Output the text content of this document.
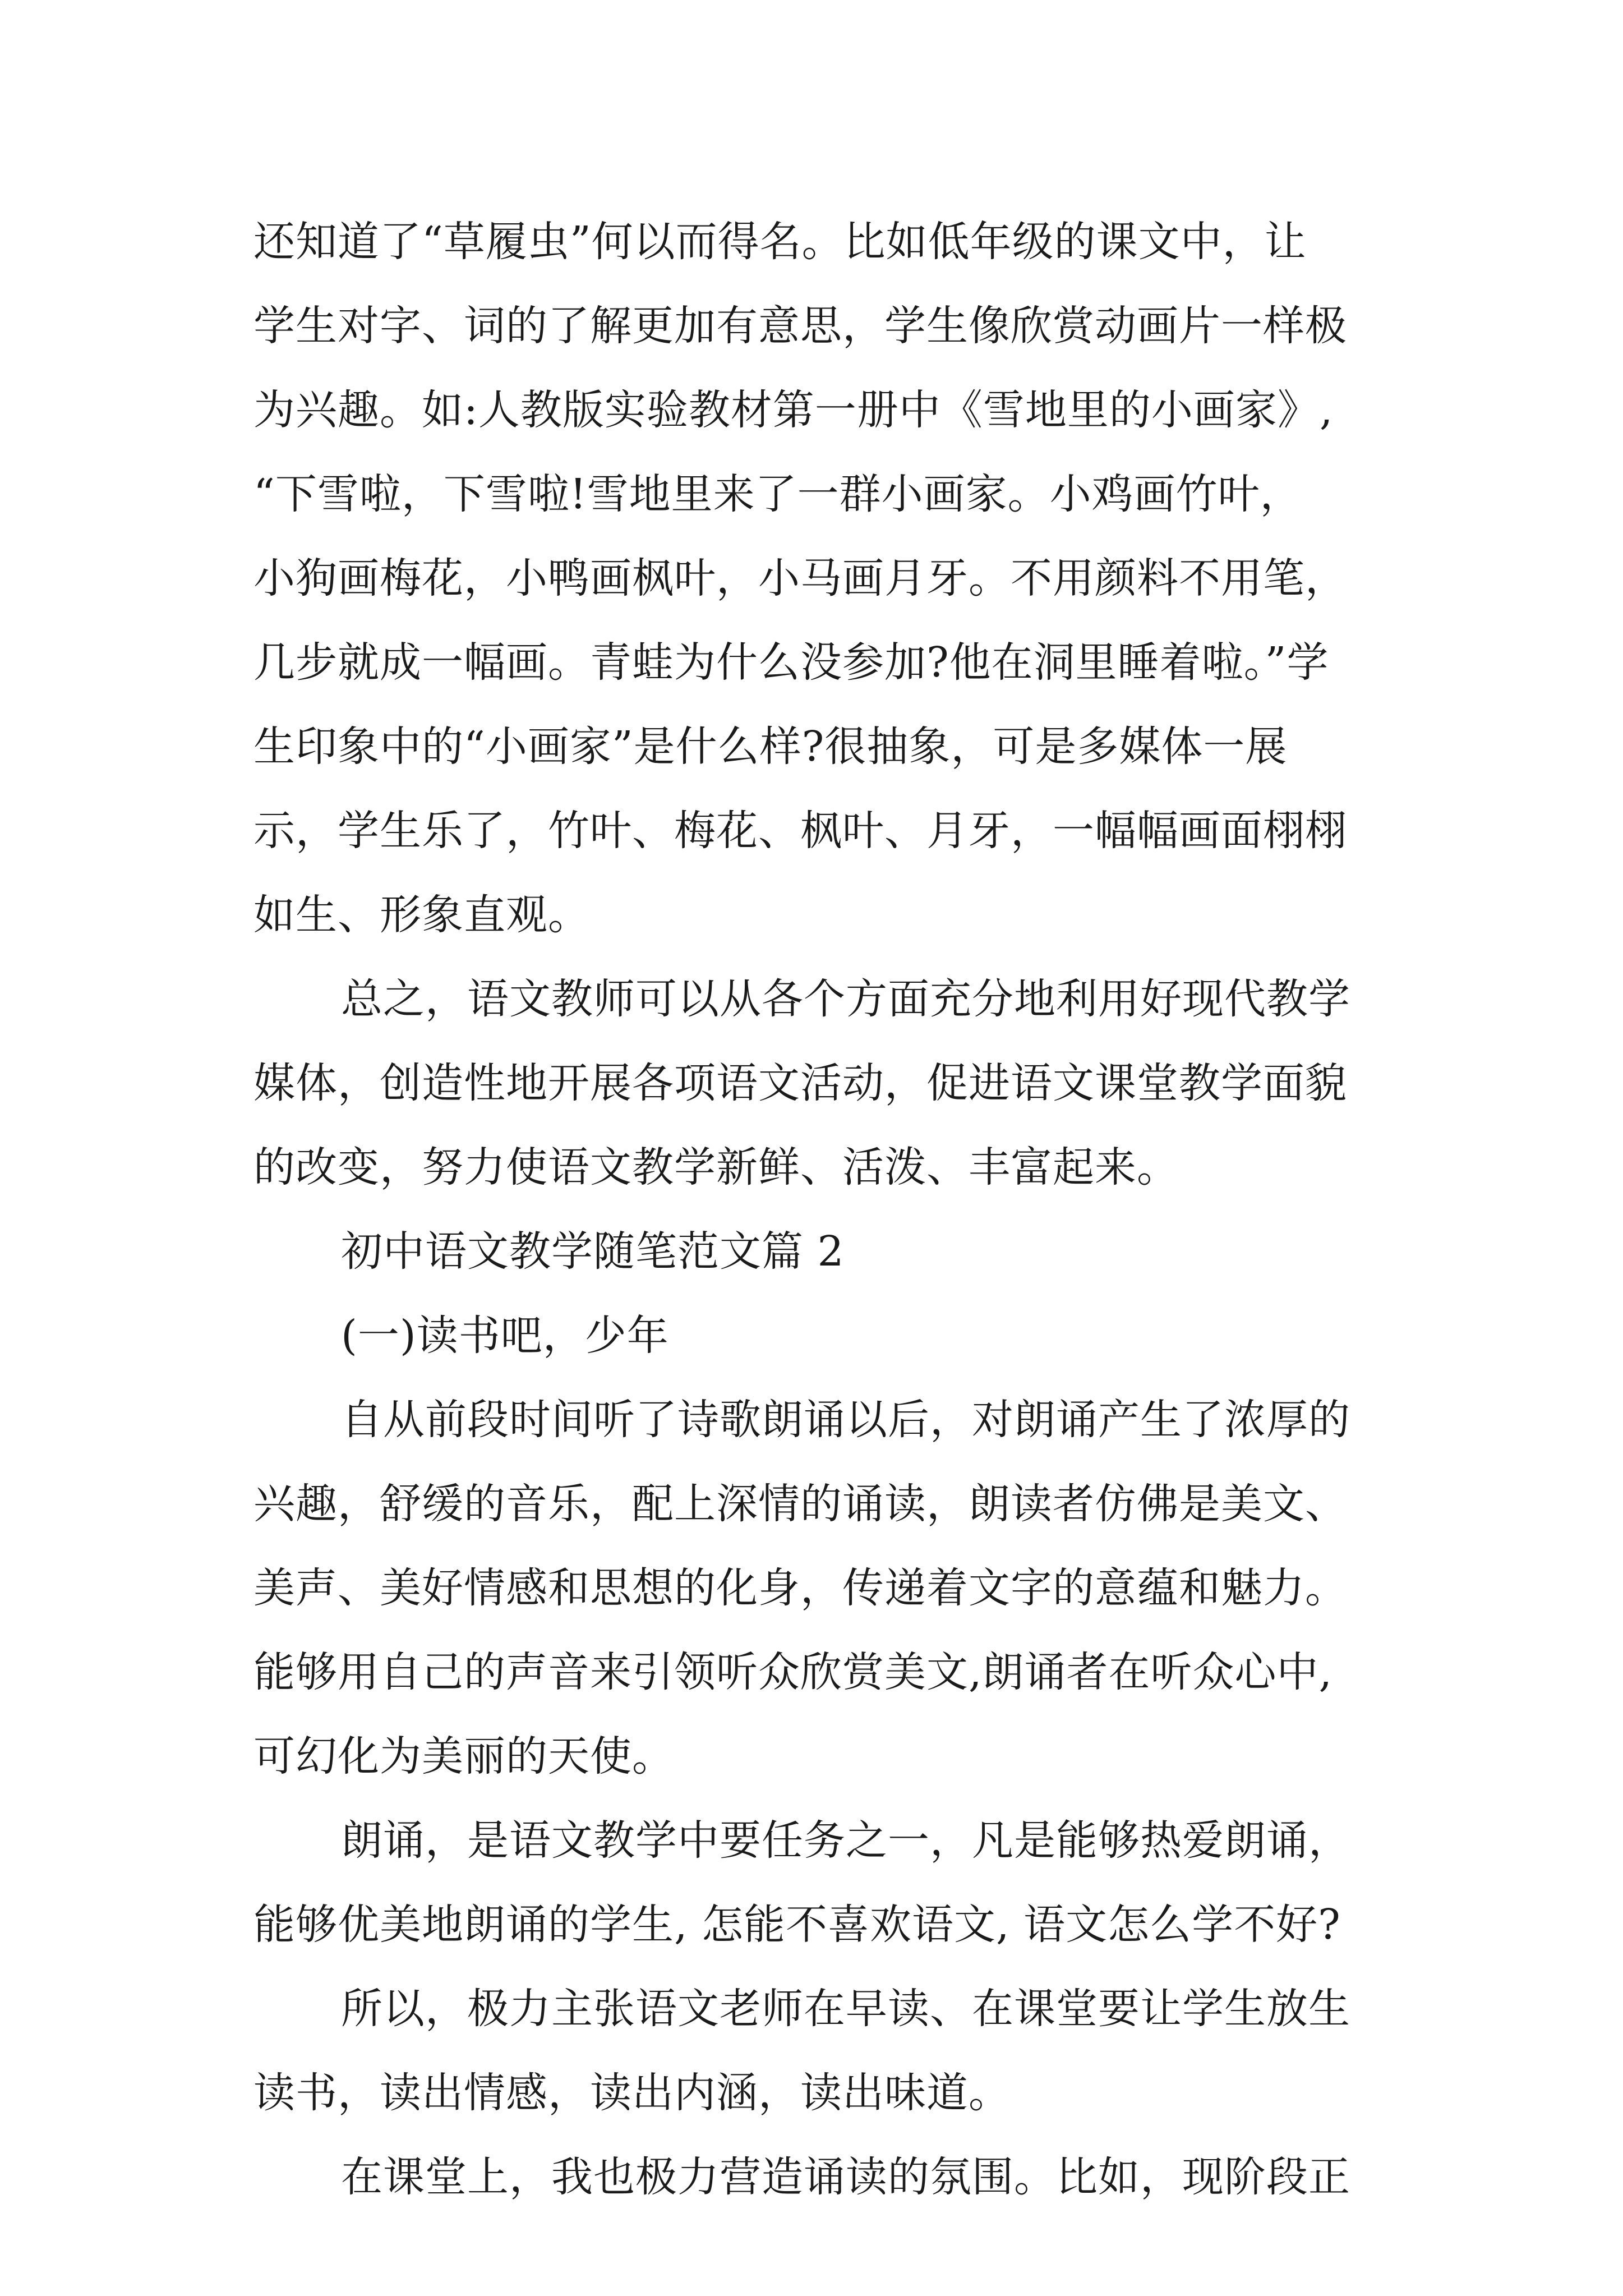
还知道了“草履虫”何以而得名。比如低年级的课文中，让
学生对字、词的了解更加有意思，学生像欣赏动画片一样极
为兴趣。如:人教版实验教材第一册中《雪地里的小画家》,
“下雪啦，下雪啦!雪地里来了一群小画家。小鸡画竹叶，
小狗画梅花，小鸭画枫叶，小马画月牙。不用颜料不用笔，
几步就成一幅画。青蛙为什么没参加?他在洞里睡着啦。”学
生印象中的“小画家”是什么样?很抽象，可是多媒体一展
示，学生乐了，竹叶、梅花、枫叶、月牙，一幅幅画面栩栩
如生、形象直观。
总之，语文教师可以从各个方面充分地利用好现代教学
媒体，创造性地开展各项语文活动，促进语文课堂教学面貌
的改变，努力使语文教学新鲜、活泼、丰富起来。
初中语文教学随笔范文篇 2
(一)读书吧，少年
自从前段时间听了诗歌朗诵以后，对朗诵产生了浓厚的
兴趣，舒缓的音乐，配上深情的诵读，朗读者仿佛是美文、
美声、美好情感和思想的化身，传递着文字的意蕴和魅力。
能够用自己的声音来引领听众欣赏美文,朗诵者在听众心中,
可幻化为美丽的天使。
朗诵，是语文教学中要任务之一，凡是能够热爱朗诵，
能够优美地朗诵的学生, 怎能不喜欢语文, 语文怎么学不好?
所以，极力主张语文老师在早读、在课堂要让学生放生
读书，读出情感，读出内涵，读出味道。
在课堂上，我也极力营造诵读的氛围。比如，现阶段正
